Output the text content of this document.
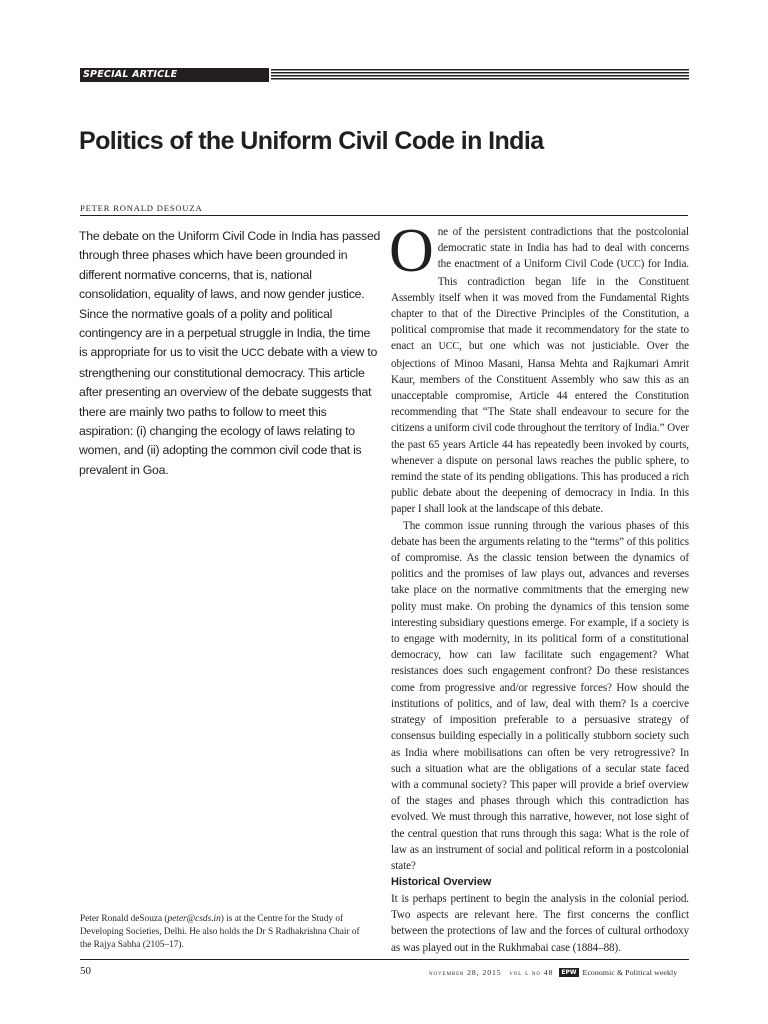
SPECIAL ARTICLE
Politics of the Uniform Civil Code in India
PETER RONALD DESOUZA

The debate on the Uniform Civil Code in India has passed through three phases which have been grounded in different normative concerns, that is, national consolidation, equality of laws, and now gender justice. Since the normative goals of a polity and political contingency are in a perpetual struggle in India, the time is appropriate for us to visit the UCC debate with a view to strengthening our constitutional democracy. This article after presenting an overview of the debate suggests that there are mainly two paths to follow to meet this aspiration: (i) changing the ecology of laws relating to women, and (ii) adopting the common civil code that is prevalent in Goa.

One of the persistent contradictions that the postcolonial democratic state in India has had to deal with concerns the enactment of a Uniform Civil Code (UCC) for India. This contradiction began life in the Constituent Assembly itself when it was moved from the Fundamental Rights chapter to that of the Directive Principles of the Constitution, a political compromise that made it recommendatory for the state to enact an UCC, but one which was not justiciable. Over the objections of Minoo Masani, Hansa Mehta and Rajkumari Amrit Kaur, members of the Constituent Assembly who saw this as an unacceptable compromise, Article 44 entered the Constitution recommending that “The State shall endeavour to secure for the citizens a uniform civil code throughout the territory of India.” Over the past 65 years Article 44 has repeatedly been invoked by courts, whenever a dispute on personal laws reaches the public sphere, to remind the state of its pending obligations. This has produced a rich public debate about the deepening of democracy in India. In this paper I shall look at the landscape of this debate.

The common issue running through the various phases of this debate has been the arguments relating to the “terms” of this politics of compromise. As the classic tension between the dynamics of politics and the promises of law plays out, advances and reverses take place on the normative commitments that the emerging new polity must make. On probing the dynamics of this tension some interesting subsidiary questions emerge. For example, if a society is to engage with modernity, in its political form of a constitutional democracy, how can law facilitate such engagement? What resistances does such engagement confront? Do these resistances come from progressive and/or regressive forces? How should the institutions of politics, and of law, deal with them? Is a coercive strategy of imposition preferable to a persuasive strategy of consensus building especially in a politically stubborn society such as India where mobilisations can often be very retrogressive? In such a situation what are the obligations of a secular state faced with a communal society? This paper will provide a brief overview of the stages and phases through which this contradiction has evolved. We must through this narrative, however, not lose sight of the central question that runs through this saga: What is the role of law as an instrument of social and political reform in a postcolonial state?

Historical Overview

It is perhaps pertinent to begin the analysis in the colonial period. Two aspects are relevant here. The first concerns the conflict between the protections of law and the forces of cultural orthodoxy as was played out in the Rukhmabai case (1884–88).

Peter Ronald deSouza (peter@csds.in) is at the Centre for the Study of Developing Societies, Delhi. He also holds the Dr S Radhakrishna Chair of the Rajya Sabha (2105–17).

50	november 28, 2015 vol l no 48 EPW Economic & Political weekly
